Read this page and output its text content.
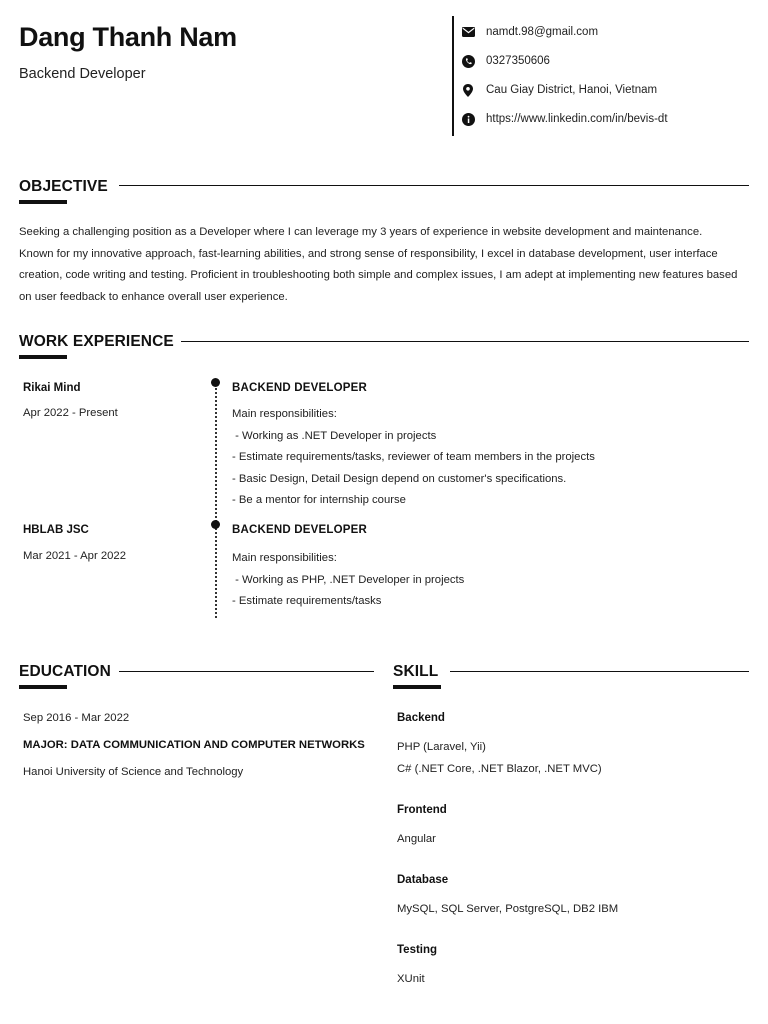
Dang Thanh Nam
Backend Developer
namdt.98@gmail.com
0327350606
Cau Giay District, Hanoi, Vietnam
https://www.linkedin.com/in/bevis-dt
OBJECTIVE
Seeking a challenging position as a Developer where I can leverage my 3 years of experience in website development and maintenance. Known for my innovative approach, fast-learning abilities, and strong sense of responsibility, I excel in database development, user interface creation, code writing and testing. Proficient in troubleshooting both simple and complex issues, I am adept at implementing new features based on user feedback to enhance overall user experience.
WORK EXPERIENCE
Rikai Mind
Apr 2022 - Present
BACKEND DEVELOPER
Main responsibilities:
- Working as .NET Developer in projects
- Estimate requirements/tasks, reviewer of team members in the projects
- Basic Design, Detail Design depend on customer's specifications.
- Be a mentor for internship course
HBLAB JSC
Mar 2021 - Apr 2022
BACKEND DEVELOPER
Main responsibilities:
- Working as PHP, .NET Developer in projects
- Estimate requirements/tasks
EDUCATION
Sep 2016 - Mar 2022
MAJOR: DATA COMMUNICATION AND COMPUTER NETWORKS
Hanoi University of Science and Technology
SKILL
Backend
PHP (Laravel, Yii)
C# (.NET Core, .NET Blazor, .NET MVC)
Frontend
Angular
Database
MySQL, SQL Server, PostgreSQL, DB2 IBM
Testing
XUnit
